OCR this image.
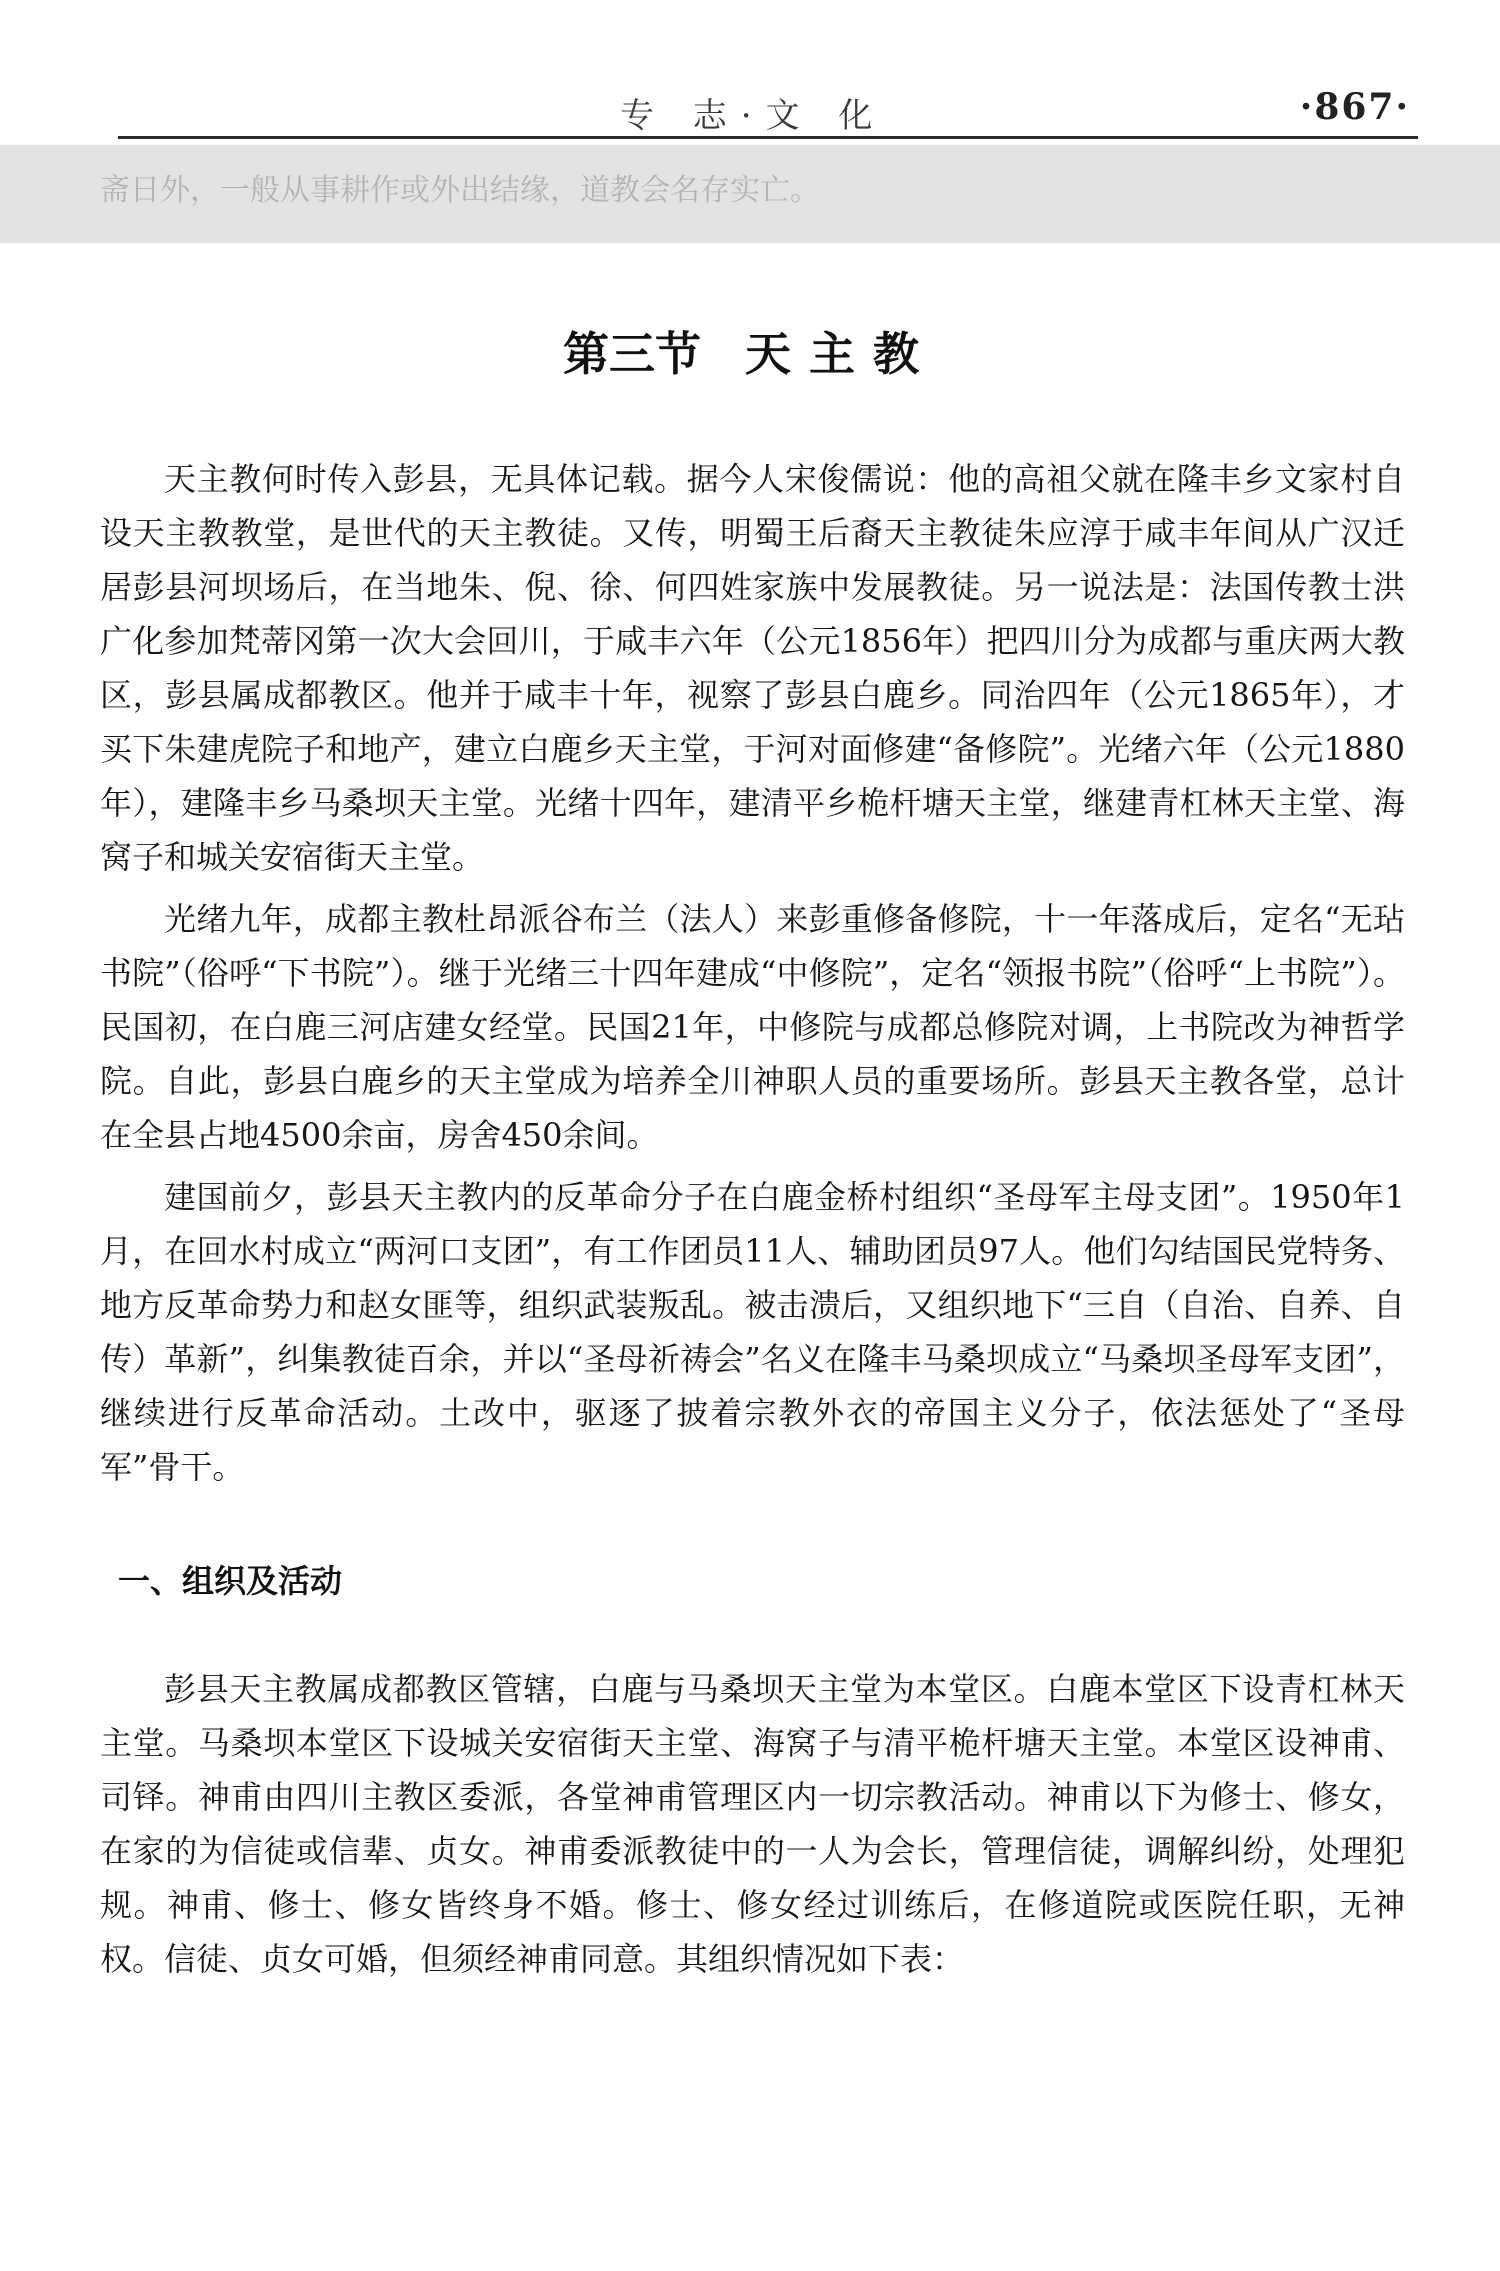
专 志·文 化	·867·
斋日外，一般从事耕作或外出结缘，道教会名存实亡。
第三节 天主教

天主教何时传入彭县，无具体记载。据今人宋俊儒说：他的高祖父就在隆丰乡文家村自设天主教教堂，是世代的天主教徒。又传，明蜀王后裔天主教徒朱应淳于咸丰年间从广汉迁居彭县河坝场后，在当地朱、倪、徐、何四姓家族中发展教徒。另一说法是：法国传教士洪广化参加梵蒂冈第一次大会回川，于咸丰六年（公元1856年）把四川分为成都与重庆两大教区，彭县属成都教区。他并于咸丰十年，视察了彭县白鹿乡。同治四年（公元1865年），才买下朱建虎院子和地产，建立白鹿乡天主堂，于河对面修建“备修院”。光绪六年（公元1880年），建隆丰乡马桑坝天主堂。光绪十四年，建清平乡桅杆塘天主堂，继建青杠林天主堂、海窝子和城关安宿街天主堂。

光绪九年，成都主教杜昂派谷布兰（法人）来彭重修备修院，十一年落成后，定名“无玷书院”（俗呼“下书院”）。继于光绪三十四年建成“中修院”，定名“领报书院”（俗呼“上书院”）。民国初，在白鹿三河店建女经堂。民国21年，中修院与成都总修院对调，上书院改为神哲学院。自此，彭县白鹿乡的天主堂成为培养全川神职人员的重要场所。彭县天主教各堂，总计在全县占地4500余亩，房舍450余间。

建国前夕，彭县天主教内的反革命分子在白鹿金桥村组织“圣母军主母支团”。1950年1月，在回水村成立“两河口支团”，有工作团员11人、辅助团员97人。他们勾结国民党特务、地方反革命势力和赵女匪等，组织武装叛乱。被击溃后，又组织地下“三自（自治、自养、自传）革新”，纠集教徒百余，并以“圣母祈祷会”名义在隆丰马桑坝成立“马桑坝圣母军支团”，继续进行反革命活动。土改中，驱逐了披着宗教外衣的帝国主义分子，依法惩处了“圣母军”骨干。

一、组织及活动

彭县天主教属成都教区管辖，白鹿与马桑坝天主堂为本堂区。白鹿本堂区下设青杠林天主堂。马桑坝本堂区下设城关安宿街天主堂、海窝子与清平桅杆塘天主堂。本堂区设神甫、司铎。神甫由四川主教区委派，各堂神甫管理区内一切宗教活动。神甫以下为修士、修女，在家的为信徒或信辈、贞女。神甫委派教徒中的一人为会长，管理信徒，调解纠纷，处理犯规。神甫、修士、修女皆终身不婚。修士、修女经过训练后，在修道院或医院任职，无神权。信徒、贞女可婚，但须经神甫同意。其组织情况如下表：
